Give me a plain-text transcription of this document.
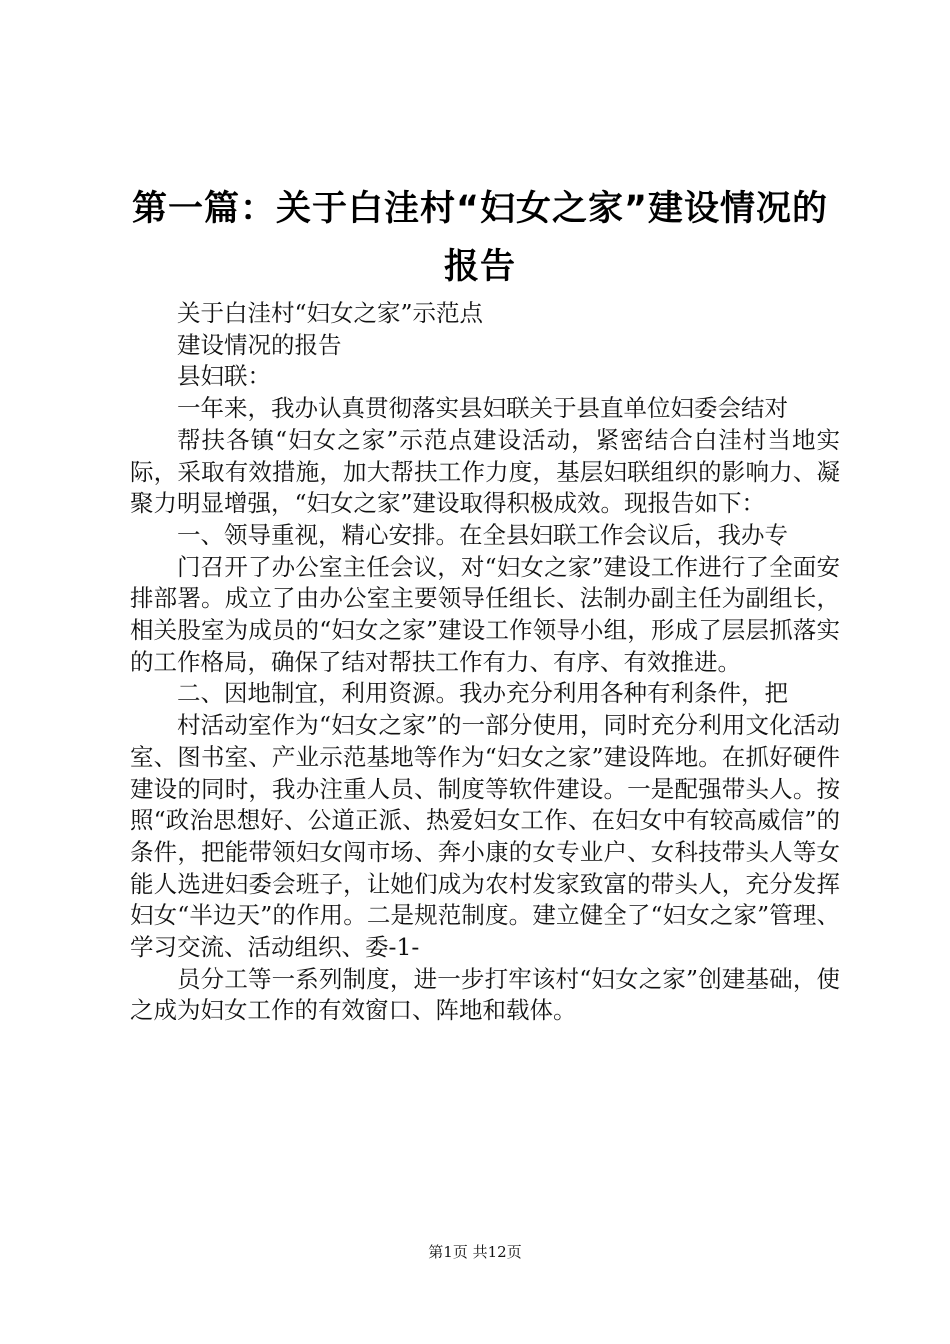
第一篇：关于白洼村“妇女之家”建设情况的
报告

关于白洼村“妇女之家”示范点

建设情况的报告

县妇联：

一年来，我办认真贯彻落实县妇联关于县直单位妇委会结对

帮扶各镇“妇女之家”示范点建设活动，紧密结合白洼村当地实际，采取有效措施，加大帮扶工作力度，基层妇联组织的影响力、凝聚力明显增强，“妇女之家”建设取得积极成效。现报告如下：

一、领导重视，精心安排。在全县妇联工作会议后，我办专

门召开了办公室主任会议，对“妇女之家”建设工作进行了全面安排部署。成立了由办公室主要领导任组长、法制办副主任为副组长，相关股室为成员的“妇女之家”建设工作领导小组，形成了层层抓落实的工作格局，确保了结对帮扶工作有力、有序、有效推进。

二、因地制宜，利用资源。我办充分利用各种有利条件，把

村活动室作为“妇女之家”的一部分使用，同时充分利用文化活动室、图书室、产业示范基地等作为“妇女之家”建设阵地。在抓好硬件建设的同时，我办注重人员、制度等软件建设。一是配强带头人。按照“政治思想好、公道正派、热爱妇女工作、在妇女中有较高威信”的条件，把能带领妇女闯市场、奔小康的女专业户、女科技带头人等女能人选进妇委会班子，让她们成为农村发家致富的带头人，充分发挥妇女“半边天”的作用。二是规范制度。建立健全了“妇女之家”管理、学习交流、活动组织、委-1-

员分工等一系列制度，进一步打牢该村“妇女之家”创建基础，使之成为妇女工作的有效窗口、阵地和载体。

第1页 共12页
